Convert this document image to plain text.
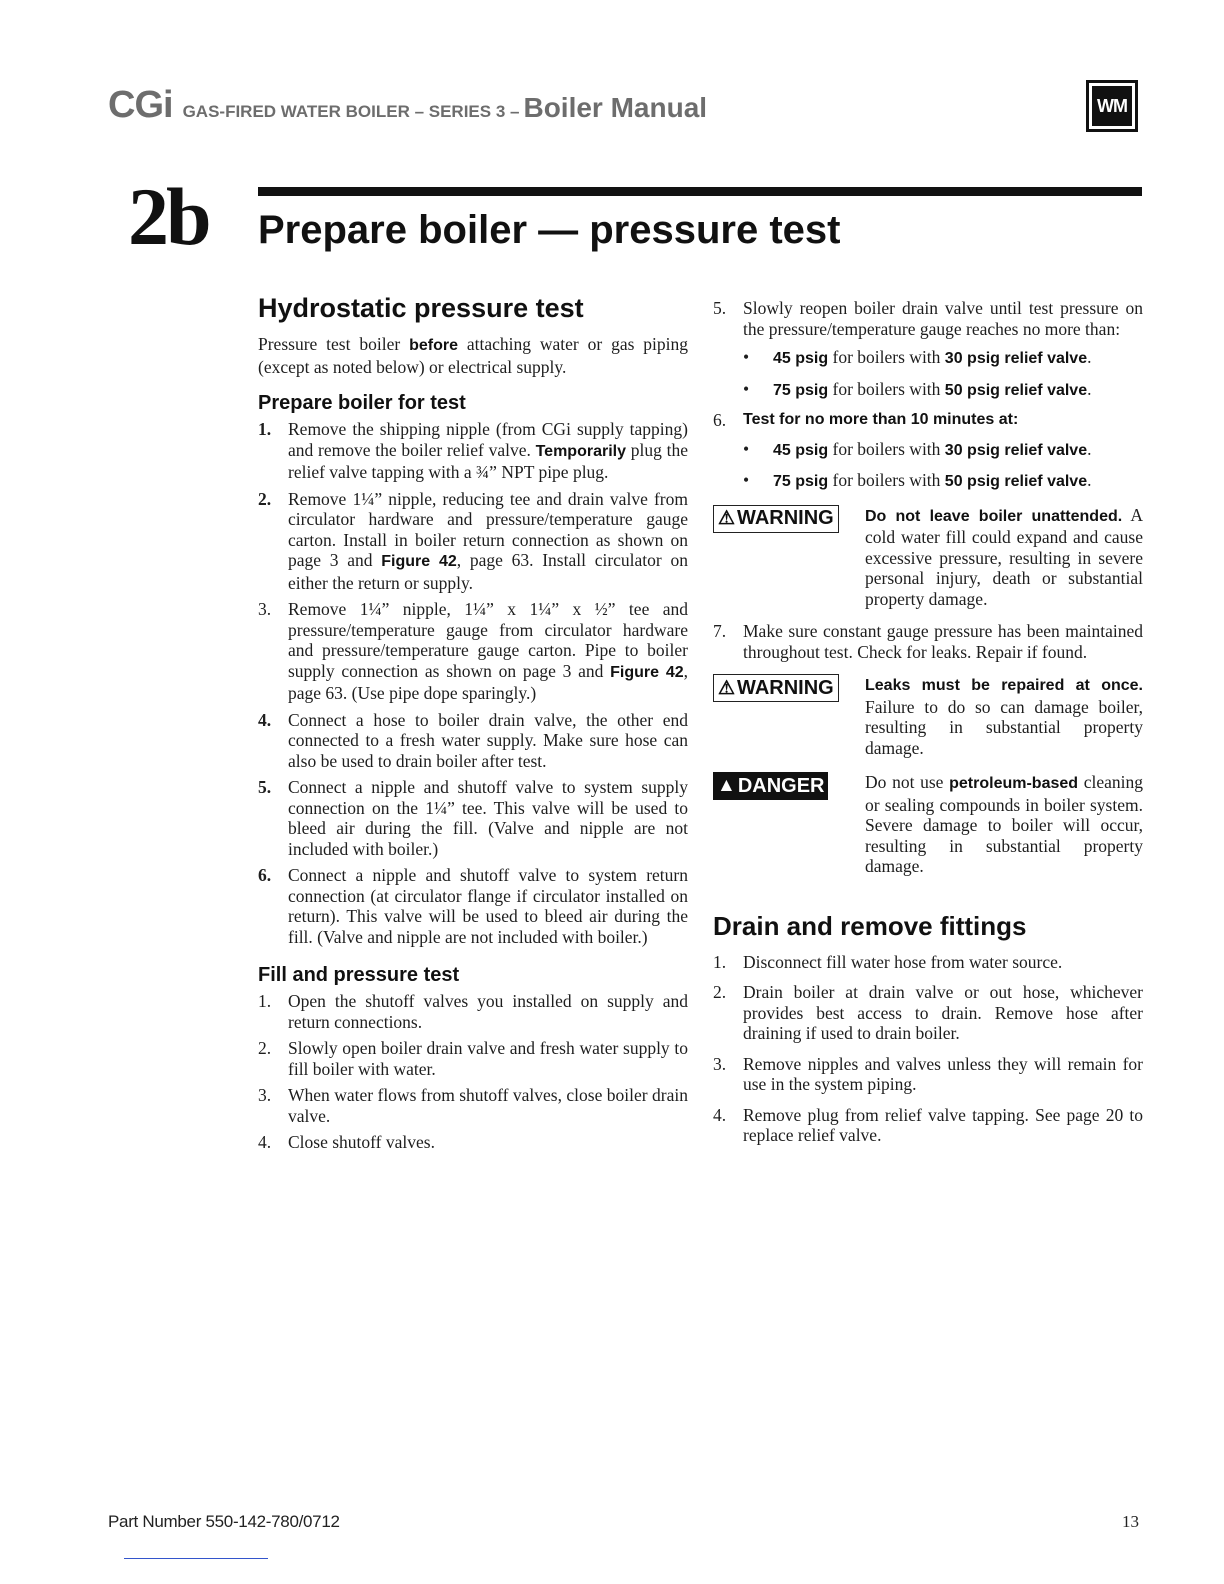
CGi GAS-FIRED WATER BOILER – SERIES 3 – Boiler Manual	WM
2b Prepare boiler — pressure test
Hydrostatic pressure test

Pressure test boiler before attaching water or gas piping (except as noted below) or electrical supply.

Prepare boiler for test
1. Remove the shipping nipple (from CGi supply tapping) and remove the boiler relief valve. Temporarily plug the relief valve tapping with a ¾” NPT pipe plug.
2. Remove 1¼” nipple, reducing tee and drain valve from circulator hardware and pressure/temperature gauge carton. Install in boiler return connection as shown on page 3 and Figure 42, page 63. Install circulator on either the return or supply.
3. Remove 1¼” nipple, 1¼” x 1¼” x ½” tee and pressure/temperature gauge from circulator hardware and pressure/temperature gauge carton. Pipe to boiler supply connection as shown on page 3 and Figure 42, page 63. (Use pipe dope sparingly.)
4. Connect a hose to boiler drain valve, the other end connected to a fresh water supply. Make sure hose can also be used to drain boiler after test.
5. Connect a nipple and shutoff valve to system supply connection on the 1¼” tee. This valve will be used to bleed air during the fill. (Valve and nipple are not included with boiler.)
6. Connect a nipple and shutoff valve to system return connection (at circulator flange if circulator installed on return). This valve will be used to bleed air during the fill. (Valve and nipple are not included with boiler.)
Fill and pressure test
1. Open the shutoff valves you installed on supply and return connections.
2. Slowly open boiler drain valve and fresh water supply to fill boiler with water.
3. When water flows from shutoff valves, close boiler drain valve.
4. Close shutoff valves.
5. Slowly reopen boiler drain valve until test pressure on the pressure/temperature gauge reaches no more than:
•	45 psig for boilers with 30 psig relief valve.
•	75 psig for boilers with 50 psig relief valve.
6.	Test for no more than 10 minutes at:
•	45 psig for boilers with 30 psig relief valve.
•	75 psig for boilers with 50 psig relief valve.
⚠ WARNING Do not leave boiler unattended. A cold water fill could expand and cause excessive pressure, resulting in severe personal injury, death or substantial property damage.

7. Make sure constant gauge pressure has been maintained throughout test. Check for leaks. Repair if found.
⚠ WARNING Leaks must be repaired at once. Failure to do so can damage boiler, resulting in substantial property damage.

▲ DANGER Do not use petroleum-based cleaning or sealing compounds in boiler system. Severe damage to boiler will occur, resulting in substantial property damage.

Drain and remove fittings
1. Disconnect fill water hose from water source.
2. Drain boiler at drain valve or out hose, whichever provides best access to drain. Remove hose after draining if used to drain boiler.
3. Remove nipples and valves unless they will remain for use in the system piping.
4. Remove plug from relief valve tapping. See page 20 to replace relief valve.
Part Number 550-142-780/0712	13
